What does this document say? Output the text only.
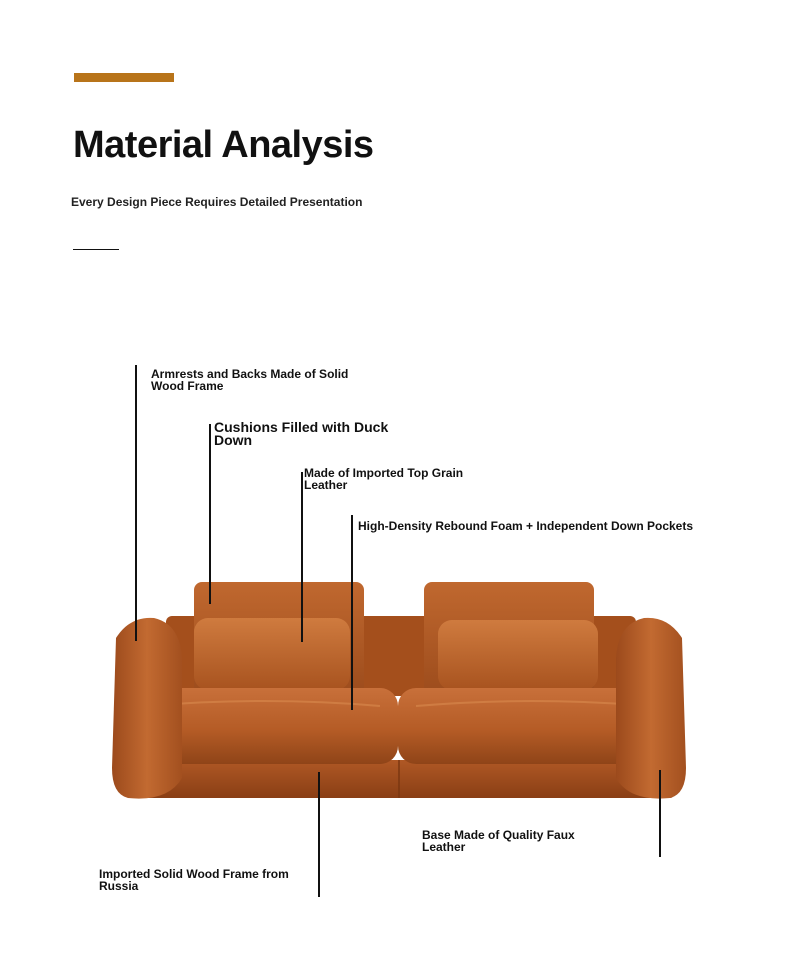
Material Analysis
Every Design Piece Requires Detailed Presentation
Armrests and Backs Made of Solid Wood Frame
Cushions Filled with Duck Down
Made of Imported Top Grain Leather
High-Density Rebound Foam + Independent Down Pockets
Imported Solid Wood Frame from Russia
Base Made of Quality Faux Leather
